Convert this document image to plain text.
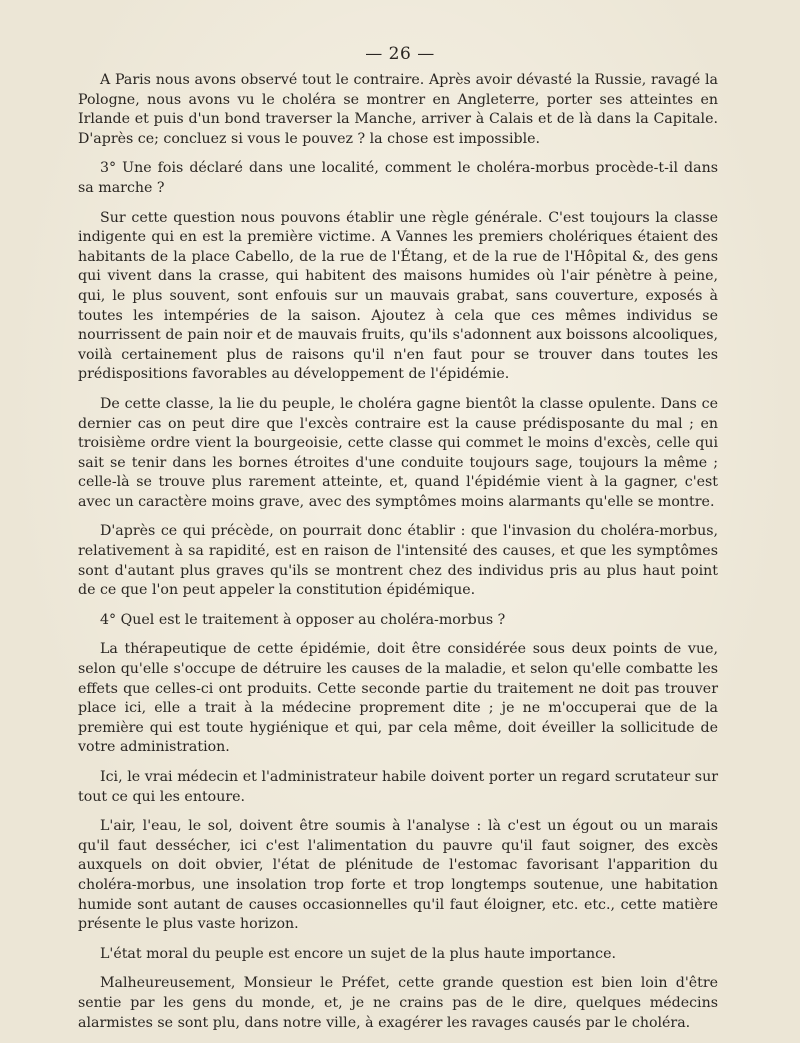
— 26 —

A Paris nous avons observé tout le contraire. Après avoir dévasté la Russie, ravagé la Pologne, nous avons vu le choléra se montrer en Angleterre, porter ses atteintes en Irlande et puis d'un bond traverser la Manche, arriver à Calais et de là dans la Capitale. D'après ce; concluez si vous le pouvez ? la chose est impossible.

3° Une fois déclaré dans une localité, comment le choléra-morbus procède-t-il dans sa marche ?

Sur cette question nous pouvons établir une règle générale. C'est toujours la classe indigente qui en est la première victime. A Vannes les premiers cholériques étaient des habitants de la place Cabello, de la rue de l'Étang, et de la rue de l'Hôpital &, des gens qui vivent dans la crasse, qui habitent des maisons humides où l'air pénètre à peine, qui, le plus souvent, sont enfouis sur un mauvais grabat, sans couverture, exposés à toutes les intempéries de la saison. Ajoutez à cela que ces mêmes individus se nourrissent de pain noir et de mauvais fruits, qu'ils s'adonnent aux boissons alcooliques, voilà certainement plus de raisons qu'il n'en faut pour se trouver dans toutes les prédispositions favorables au développement de l'épidémie.

De cette classe, la lie du peuple, le choléra gagne bientôt la classe opulente. Dans ce dernier cas on peut dire que l'excès contraire est la cause prédisposante du mal ; en troisième ordre vient la bourgeoisie, cette classe qui commet le moins d'excès, celle qui sait se tenir dans les bornes étroites d'une conduite toujours sage, toujours la même ; celle-là se trouve plus rarement atteinte, et, quand l'épidémie vient à la gagner, c'est avec un caractère moins grave, avec des symptômes moins alarmants qu'elle se montre.

D'après ce qui précède, on pourrait donc établir : que l'invasion du choléra-morbus, relativement à sa rapidité, est en raison de l'intensité des causes, et que les symptômes sont d'autant plus graves qu'ils se montrent chez des individus pris au plus haut point de ce que l'on peut appeler la constitution épidémique.

4° Quel est le traitement à opposer au choléra-morbus ?

La thérapeutique de cette épidémie, doit être considérée sous deux points de vue, selon qu'elle s'occupe de détruire les causes de la maladie, et selon qu'elle combatte les effets que celles-ci ont produits. Cette seconde partie du traitement ne doit pas trouver place ici, elle a trait à la médecine proprement dite ; je ne m'occuperai que de la première qui est toute hygiénique et qui, par cela même, doit éveiller la sollicitude de votre administration.

Ici, le vrai médecin et l'administrateur habile doivent porter un regard scrutateur sur tout ce qui les entoure.

L'air, l'eau, le sol, doivent être soumis à l'analyse : là c'est un égout ou un marais qu'il faut dessécher, ici c'est l'alimentation du pauvre qu'il faut soigner, des excès auxquels on doit obvier, l'état de plénitude de l'estomac favorisant l'apparition du choléra-morbus, une insolation trop forte et trop longtemps soutenue, une habitation humide sont autant de causes occasionnelles qu'il faut éloigner, etc. etc., cette matière présente le plus vaste horizon.

L'état moral du peuple est encore un sujet de la plus haute importance.

Malheureusement, Monsieur le Préfet, cette grande question est bien loin d'être sentie par les gens du monde, et, je ne crains pas de le dire, quelques médecins alarmistes se sont plu, dans notre ville, à exagérer les ravages causés par le choléra.
